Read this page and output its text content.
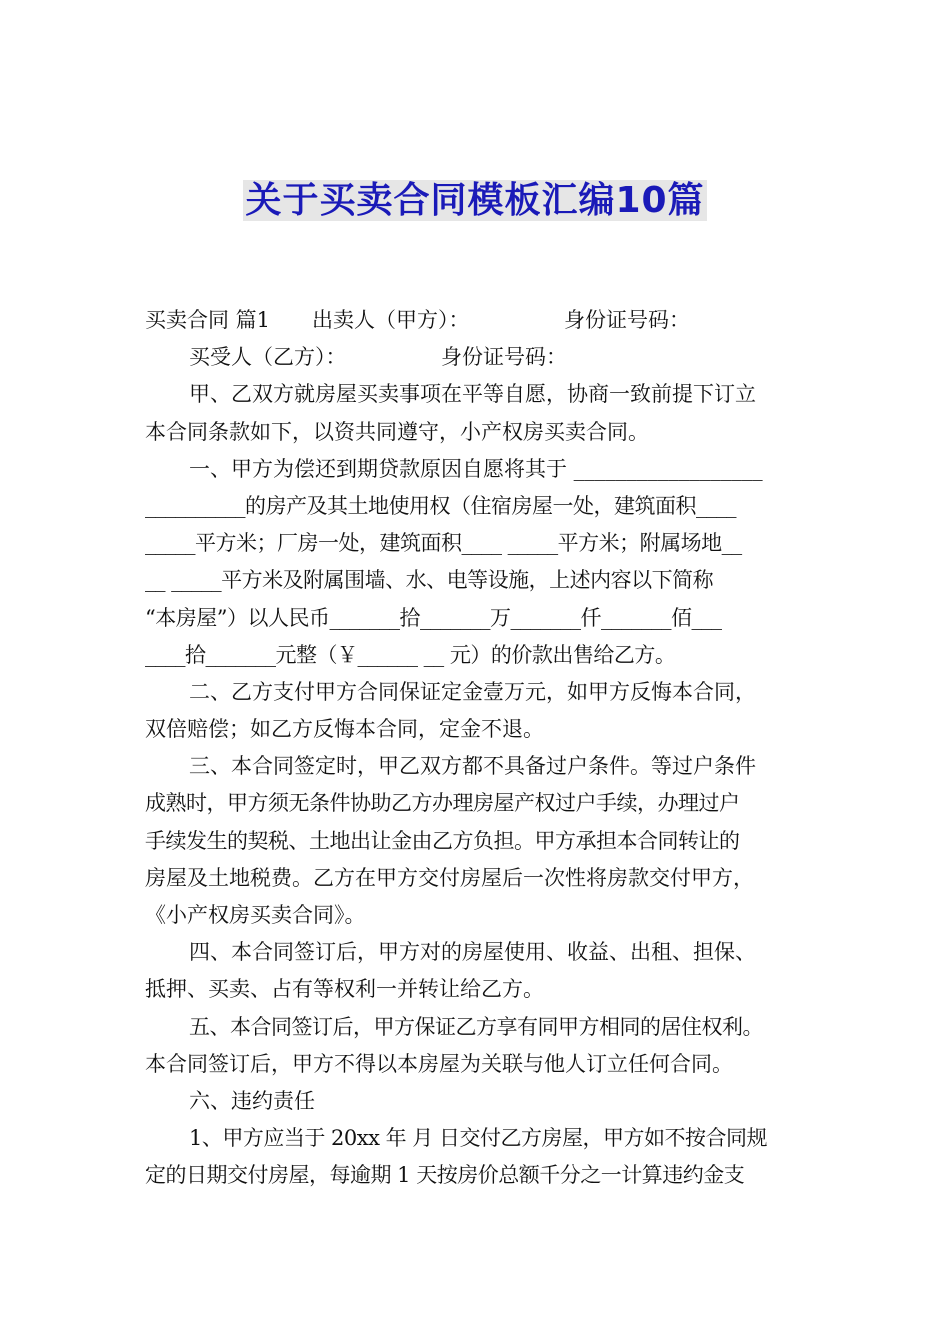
关于买卖合同模板汇编10篇
买卖合同 篇1　　出卖人（甲方）：　　　　　身份证号码：
买受人（乙方）：　　　　　身份证号码：
甲、乙双方就房屋买卖事项在平等自愿，协商一致前提下订立
本合同条款如下，以资共同遵守，小产权房买卖合同。
一、甲方为偿还到期贷款原因自愿将其于 __________________
__________的房产及其土地使用权（住宿房屋一处，建筑面积____
_____平方米；厂房一处，建筑面积____ _____平方米；附属场地__
__ _____平方米及附属围墙、水、电等设施，上述内容以下简称
“本房屋”）以人民币_______拾_______万_______仟_______佰___
____拾_______元整（￥______ __ 元）的价款出售给乙方。
二、乙方支付甲方合同保证定金壹万元，如甲方反悔本合同，
双倍赔偿；如乙方反悔本合同，定金不退。
三、本合同签定时，甲乙双方都不具备过户条件。等过户条件
成熟时，甲方须无条件协助乙方办理房屋产权过户手续，办理过户
手续发生的契税、土地出让金由乙方负担。甲方承担本合同转让的
房屋及土地税费。乙方在甲方交付房屋后一次性将房款交付甲方，
《小产权房买卖合同》。
四、本合同签订后，甲方对的房屋使用、收益、出租、担保、
抵押、买卖、占有等权利一并转让给乙方。
五、本合同签订后，甲方保证乙方享有同甲方相同的居住权利。
本合同签订后，甲方不得以本房屋为关联与他人订立任何合同。
六、违约责任
1、甲方应当于 20xx 年 月 日交付乙方房屋，甲方如不按合同规
定的日期交付房屋，每逾期 1 天按房价总额千分之一计算违约金支
